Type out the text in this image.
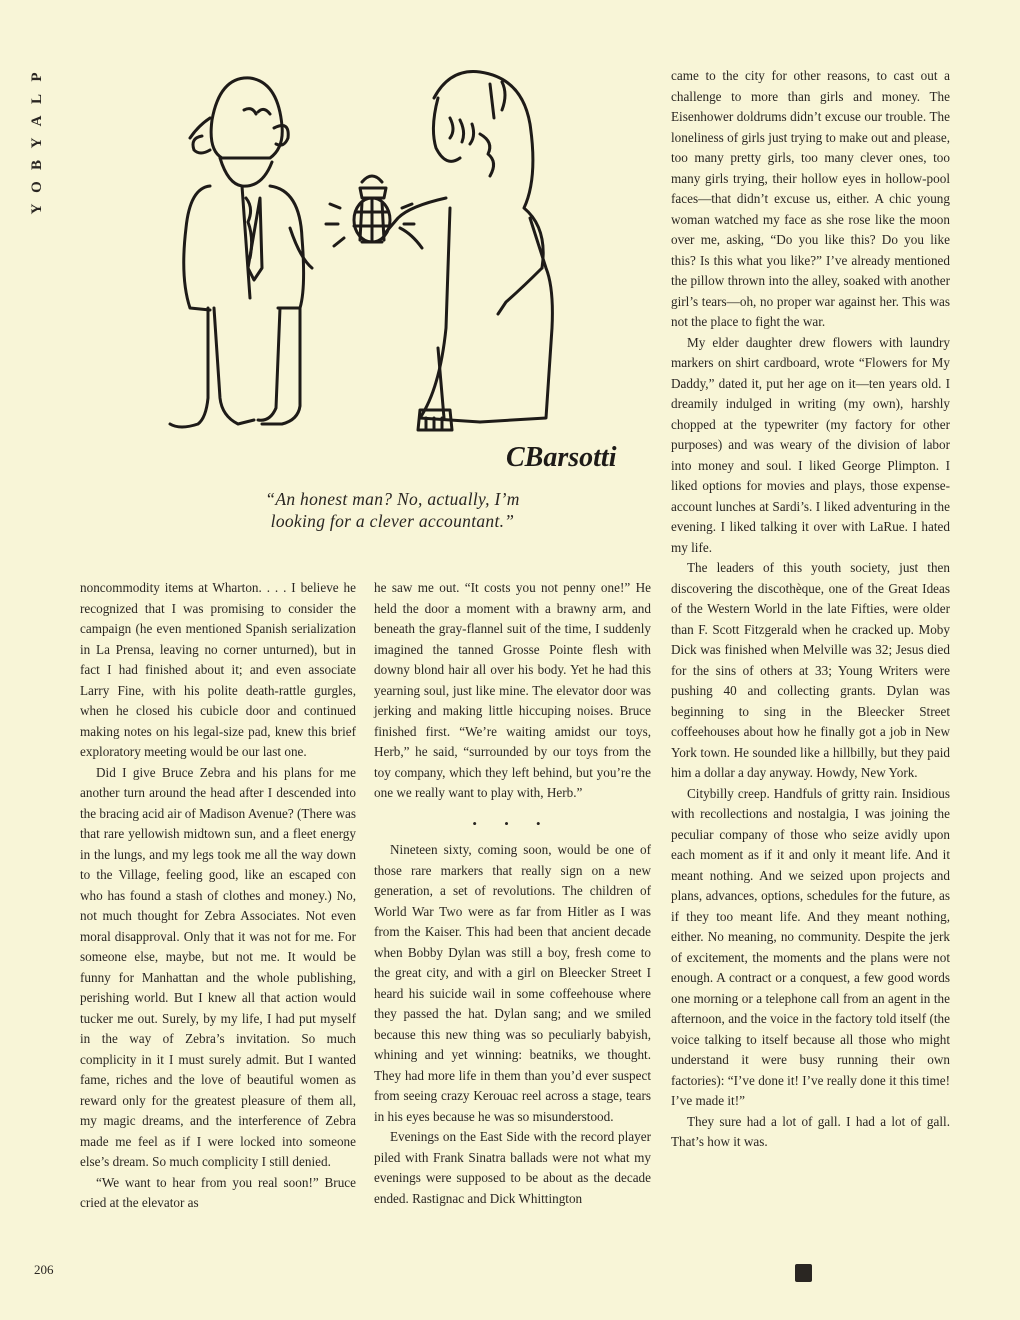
P
L
A
Y
B
O
Y
CBarsotti
“An honest man? No, actually, I’m
looking for a clever accountant.”

noncommodity items at Wharton. . . . I believe he recognized that I was promising to consider the campaign (he even mentioned Spanish serialization in La Prensa, leaving no corner unturned), but in fact I had finished about it; and even associate Larry Fine, with his polite death-rattle gurgles, when he closed his cubicle door and continued making notes on his legal-size pad, knew this brief exploratory meeting would be our last one.

Did I give Bruce Zebra and his plans for me another turn around the head after I descended into the bracing acid air of Madison Avenue? (There was that rare yellowish midtown sun, and a fleet energy in the lungs, and my legs took me all the way down to the Village, feeling good, like an escaped con who has found a stash of clothes and money.) No, not much thought for Zebra Associates. Not even moral disapproval. Only that it was not for me. For someone else, maybe, but not me. It would be funny for Manhattan and the whole publishing, perishing world. But I knew all that action would tucker me out. Surely, by my life, I had put myself in the way of Zebra’s invitation. So much complicity in it I must surely admit. But I wanted fame, riches and the love of beautiful women as reward only for the greatest pleasure of them all, my magic dreams, and the interference of Zebra made me feel as if I were locked into someone else’s dream. So much complicity I still denied.

“We want to hear from you real soon!” Bruce cried at the elevator as

he saw me out. “It costs you not penny one!” He held the door a moment with a brawny arm, and beneath the gray-flannel suit of the time, I suddenly imagined the tanned Grosse Pointe flesh with downy blond hair all over his body. Yet he had this yearning soul, just like mine. The elevator door was jerking and making little hiccuping noises. Bruce finished first. “We’re waiting amidst our toys, Herb,” he said, “surrounded by our toys from the toy company, which they left behind, but you’re the one we really want to play with, Herb.”

• • •

Nineteen sixty, coming soon, would be one of those rare markers that really sign on a new generation, a set of revolutions. The children of World War Two were as far from Hitler as I was from the Kaiser. This had been that ancient decade when Bobby Dylan was still a boy, fresh come to the great city, and with a girl on Bleecker Street I heard his suicide wail in some coffeehouse where they passed the hat. Dylan sang; and we smiled because this new thing was so peculiarly babyish, whining and yet winning: beatniks, we thought. They had more life in them than you’d ever suspect from seeing crazy Kerouac reel across a stage, tears in his eyes because he was so misunderstood.

Evenings on the East Side with the record player piled with Frank Sinatra ballads were not what my evenings were supposed to be about as the decade ended. Rastignac and Dick Whittington

came to the city for other reasons, to cast out a challenge to more than girls and money. The Eisenhower doldrums didn’t excuse our trouble. The loneliness of girls just trying to make out and please, too many pretty girls, too many clever ones, too many girls trying, their hollow eyes in hollow-pool faces—that didn’t excuse us, either. A chic young woman watched my face as she rose like the moon over me, asking, “Do you like this? Do you like this? Is this what you like?” I’ve already mentioned the pillow thrown into the alley, soaked with another girl’s tears—oh, no proper war against her. This was not the place to fight the war.

My elder daughter drew flowers with laundry markers on shirt cardboard, wrote “Flowers for My Daddy,” dated it, put her age on it—ten years old. I dreamily indulged in writing (my own), harshly chopped at the typewriter (my factory for other purposes) and was weary of the division of labor into money and soul. I liked George Plimpton. I liked options for movies and plays, those expense-account lunches at Sardi’s. I liked adventuring in the evening. I liked talking it over with LaRue. I hated my life.

The leaders of this youth society, just then discovering the discothèque, one of the Great Ideas of the Western World in the late Fifties, were older than F. Scott Fitzgerald when he cracked up. Moby Dick was finished when Melville was 32; Jesus died for the sins of others at 33; Young Writers were pushing 40 and collecting grants. Dylan was beginning to sing in the Bleecker Street coffeehouses about how he finally got a job in New York town. He sounded like a hillbilly, but they paid him a dollar a day anyway. Howdy, New York.

Citybilly creep. Handfuls of gritty rain. Insidious with recollections and nostalgia, I was joining the peculiar company of those who seize avidly upon each moment as if it and only it meant life. And it meant nothing. And we seized upon projects and plans, advances, options, schedules for the future, as if they too meant life. And they meant nothing, either. No meaning, no community. Despite the jerk of excitement, the moments and the plans were not enough. A contract or a conquest, a few good words one morning or a telephone call from an agent in the afternoon, and the voice in the factory told itself (the voice talking to itself because all those who might understand it were busy running their own factories): “I’ve done it! I’ve really done it this time! I’ve made it!”

They sure had a lot of gall. I had a lot of gall. That’s how it was.

206
